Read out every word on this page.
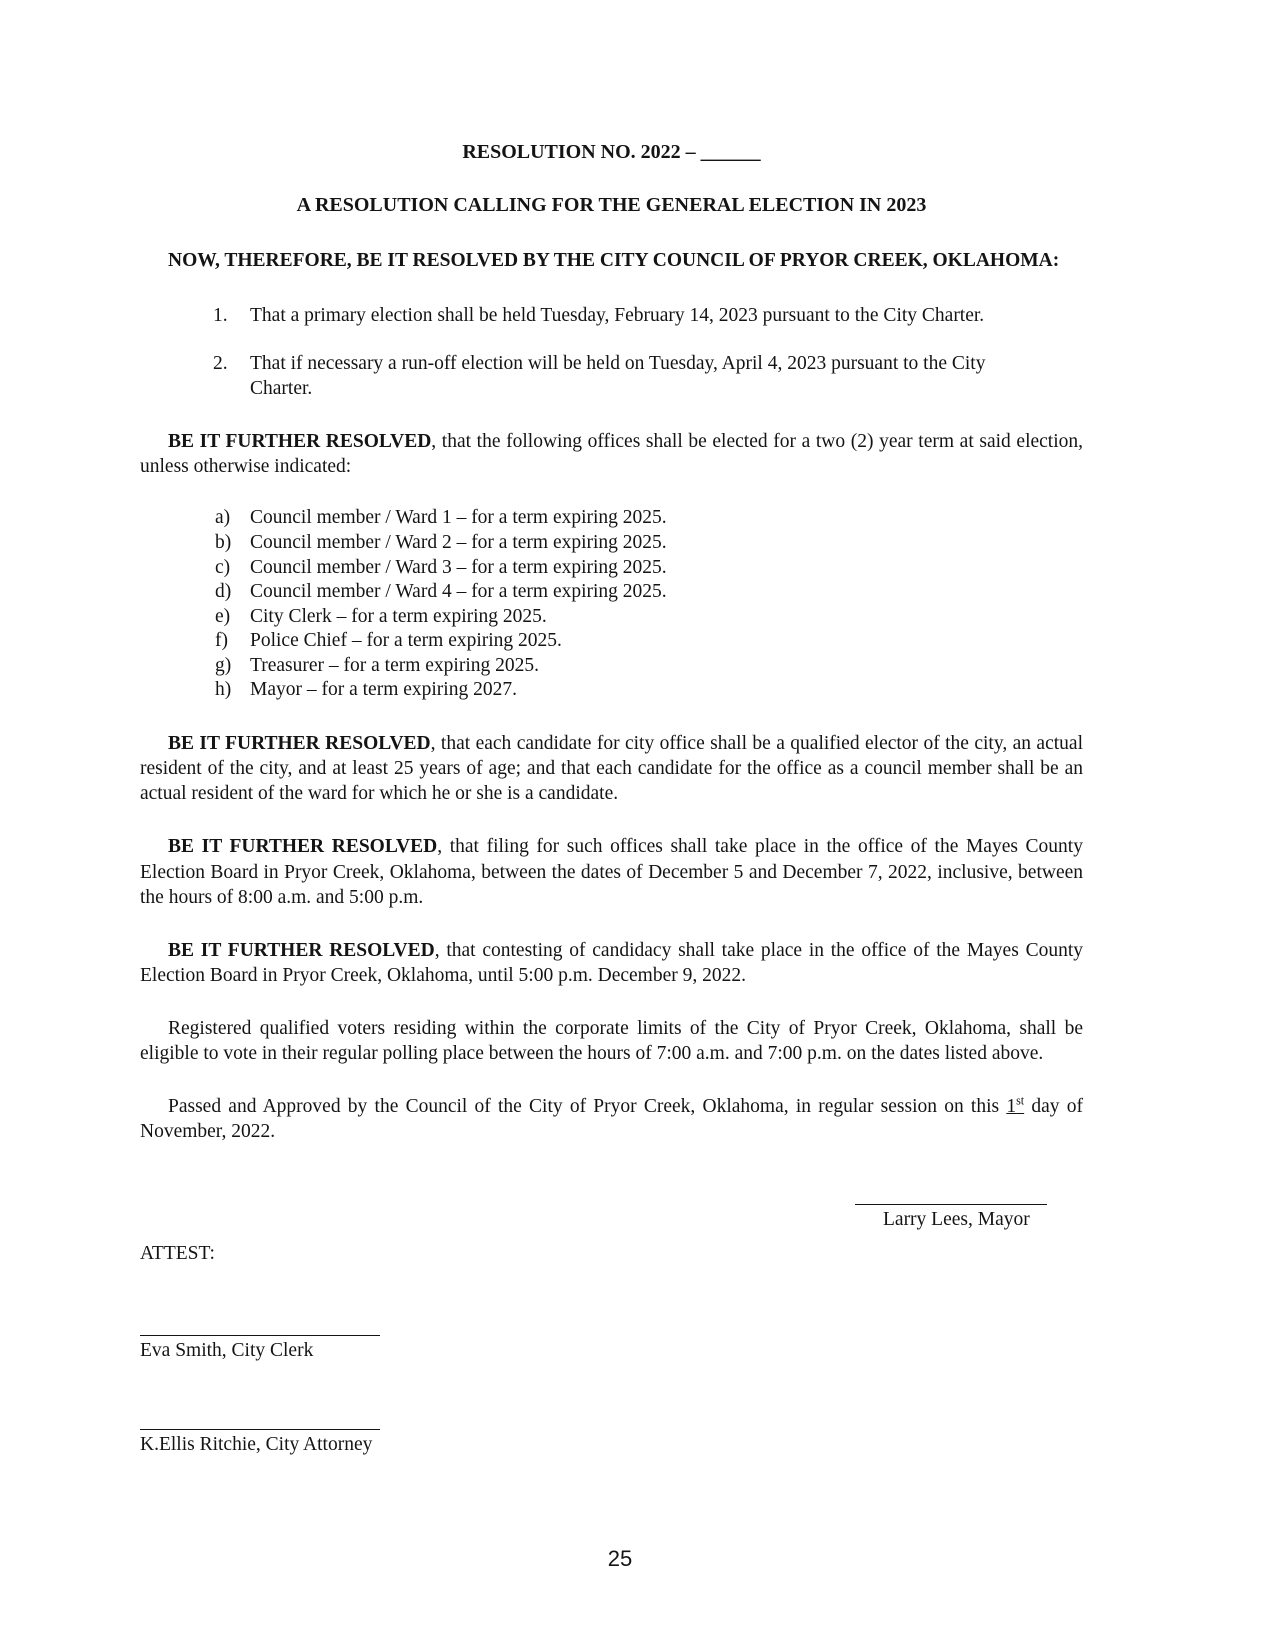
RESOLUTION NO. 2022 – ______
A RESOLUTION CALLING FOR THE GENERAL ELECTION IN 2023

NOW, THEREFORE, BE IT RESOLVED BY THE CITY COUNCIL OF PRYOR CREEK, OKLAHOMA:

1.	That a primary election shall be held Tuesday, February 14, 2023 pursuant to the City Charter.
2.	That if necessary a run-off election will be held on Tuesday, April 4, 2023 pursuant to the City Charter.

BE IT FURTHER RESOLVED, that the following offices shall be elected for a two (2) year term at said election, unless otherwise indicated:

a)	Council member / Ward 1 – for a term expiring 2025.
b) Council member / Ward 2 – for a term expiring 2025.
c)	Council member / Ward 3 – for a term expiring 2025.
d) Council member / Ward 4 – for a term expiring 2025.
e)	City Clerk – for a term expiring 2025.
f)	Police Chief – for a term expiring 2025.
g) Treasurer – for a term expiring 2025.
h) Mayor – for a term expiring 2027.

BE IT FURTHER RESOLVED, that each candidate for city office shall be a qualified elector of the city, an actual resident of the city, and at least 25 years of age; and that each candidate for the office as a council member shall be an actual resident of the ward for which he or she is a candidate.

BE IT FURTHER RESOLVED, that filing for such offices shall take place in the office of the Mayes County Election Board in Pryor Creek, Oklahoma, between the dates of December 5 and December 7, 2022, inclusive, between the hours of 8:00 a.m. and 5:00 p.m.

BE IT FURTHER RESOLVED, that contesting of candidacy shall take place in the office of the Mayes County Election Board in Pryor Creek, Oklahoma, until 5:00 p.m. December 9, 2022.

Registered qualified voters residing within the corporate limits of the City of Pryor Creek, Oklahoma, shall be eligible to vote in their regular polling place between the hours of 7:00 a.m. and 7:00 p.m. on the dates listed above.

Passed and Approved by the Council of the City of Pryor Creek, Oklahoma, in regular session on this 1st day of November, 2022.

Larry Lees, Mayor
ATTEST:
Eva Smith, City Clerk
K.Ellis Ritchie, City Attorney
25
